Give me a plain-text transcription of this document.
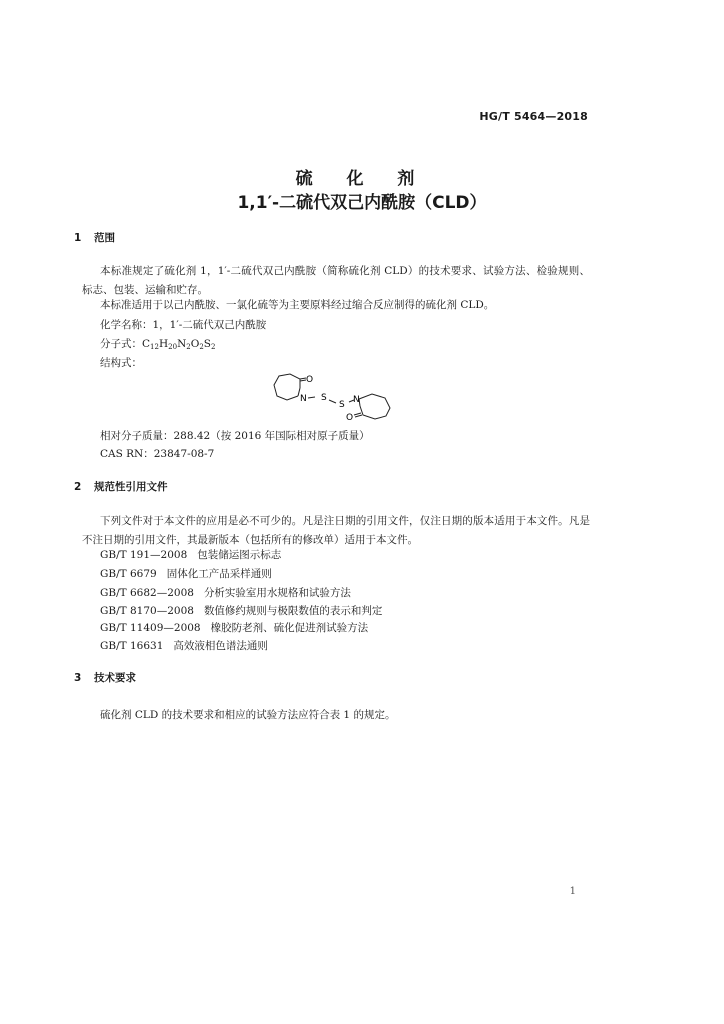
HG/T 5464—2018
硫 化 剂
1,1′-二硫代双己内酰胺（CLD）
1 范围
本标准规定了硫化剂 1，1′-二硫代双己内酰胺（简称硫化剂 CLD）的技术要求、试验方法、检验规则、标志、包装、运输和贮存。
本标准适用于以己内酰胺、一氯化硫等为主要原料经过缩合反应制得的硫化剂 CLD。
化学名称：1，1′-二硫代双己内酰胺
分子式：$C_{12}H_{20}N_2O_2S_2$
结构式：
O
N S
S N
O
相对分子质量：288.42（按 2016 年国际相对原子质量）
CAS RN：23847-08-7
2 规范性引用文件
下列文件对于本文件的应用是必不可少的。凡是注日期的引用文件，仅注日期的版本适用于本文件。凡是不注日期的引用文件，其最新版本（包括所有的修改单）适用于本文件。
GB/T 191—2008 包装储运图示标志
GB/T 6679 固体化工产品采样通则
GB/T 6682—2008 分析实验室用水规格和试验方法
GB/T 8170—2008 数值修约规则与极限数值的表示和判定
GB/T 11409—2008 橡胶防老剂、硫化促进剂试验方法
GB/T 16631 高效液相色谱法通则
3 技术要求
硫化剂 CLD 的技术要求和相应的试验方法应符合表 1 的规定。
1
